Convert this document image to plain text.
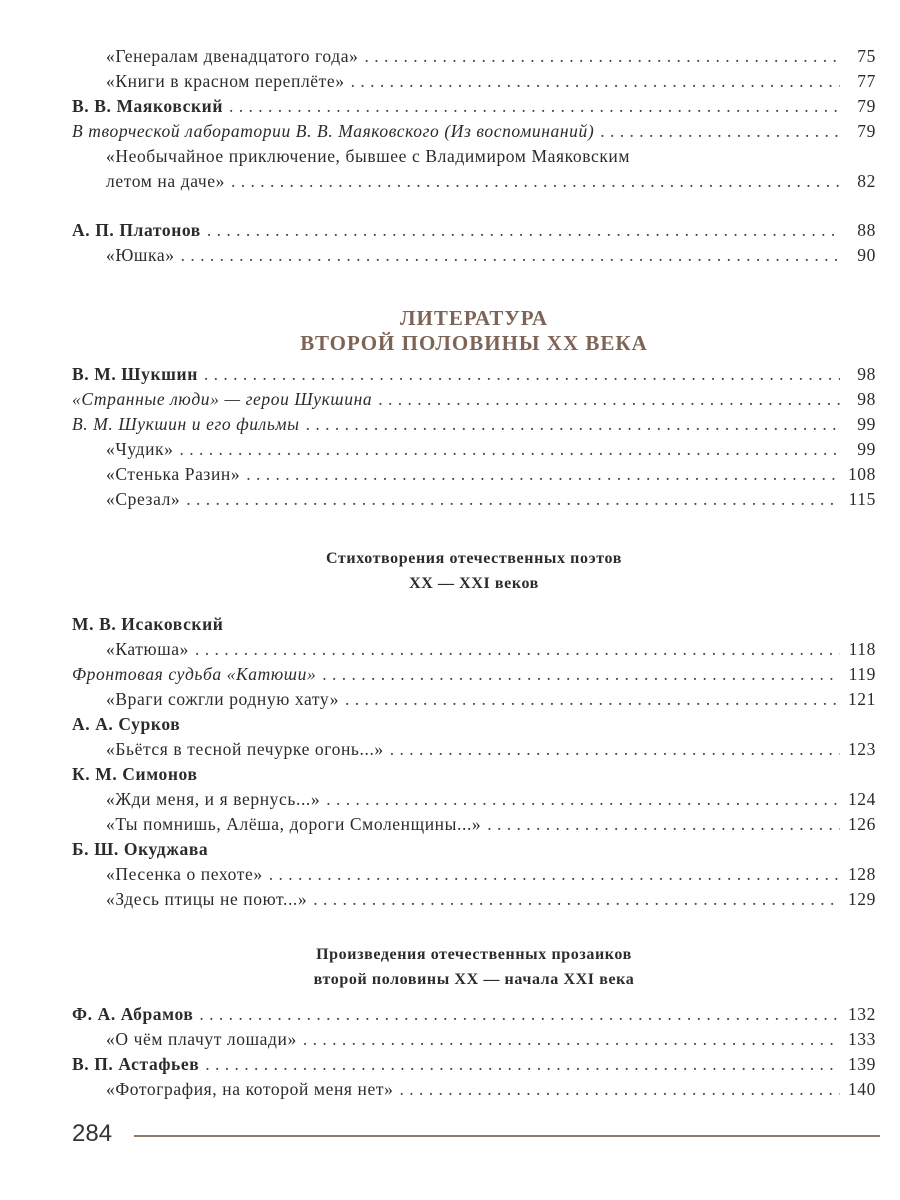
«Генералам двенадцатого года» . . .	75
«Книги в красном переплёте» . . .	77
В. В. Маяковский . . .	79
В творческой лаборатории В. В. Маяковского (Из воспоминаний) . . .	79
«Необычайное приключение, бывшее с Владимиром Маяковским
летом на даче» . . .	82
А. П. Платонов . . .	88
«Юшка» . . .	90
ЛИТЕРАТУРА
ВТОРОЙ ПОЛОВИНЫ XX ВЕКА
В. М. Шукшин . . .	98
«Странные люди» — герои Шукшина . . .	98
В. М. Шукшин и его фильмы . . .	99
«Чудик» . . .	99
«Стенька Разин» . . .	108
«Срезал» . . .	115
Стихотворения отечественных поэтов
XX — XXI веков
М. В. Исаковский
«Катюша» . . .	118
Фронтовая судьба «Катюши» . . .	119
«Враги сожгли родную хату» . . .	121
А. А. Сурков
«Бьётся в тесной печурке огонь...» . . .	123
К. М. Симонов
«Жди меня, и я вернусь...» . . .	124
«Ты помнишь, Алёша, дороги Смоленщины...» . . .	126
Б. Ш. Окуджава
«Песенка о пехоте» . . .	128
«Здесь птицы не поют...» . . .	129
Произведения отечественных прозаиков
второй половины XX — начала XXI века
Ф. А. Абрамов . . .	132
«О чём плачут лошади» . . .	133
В. П. Астафьев . . .	139
«Фотография, на которой меня нет» . . .	140
284
